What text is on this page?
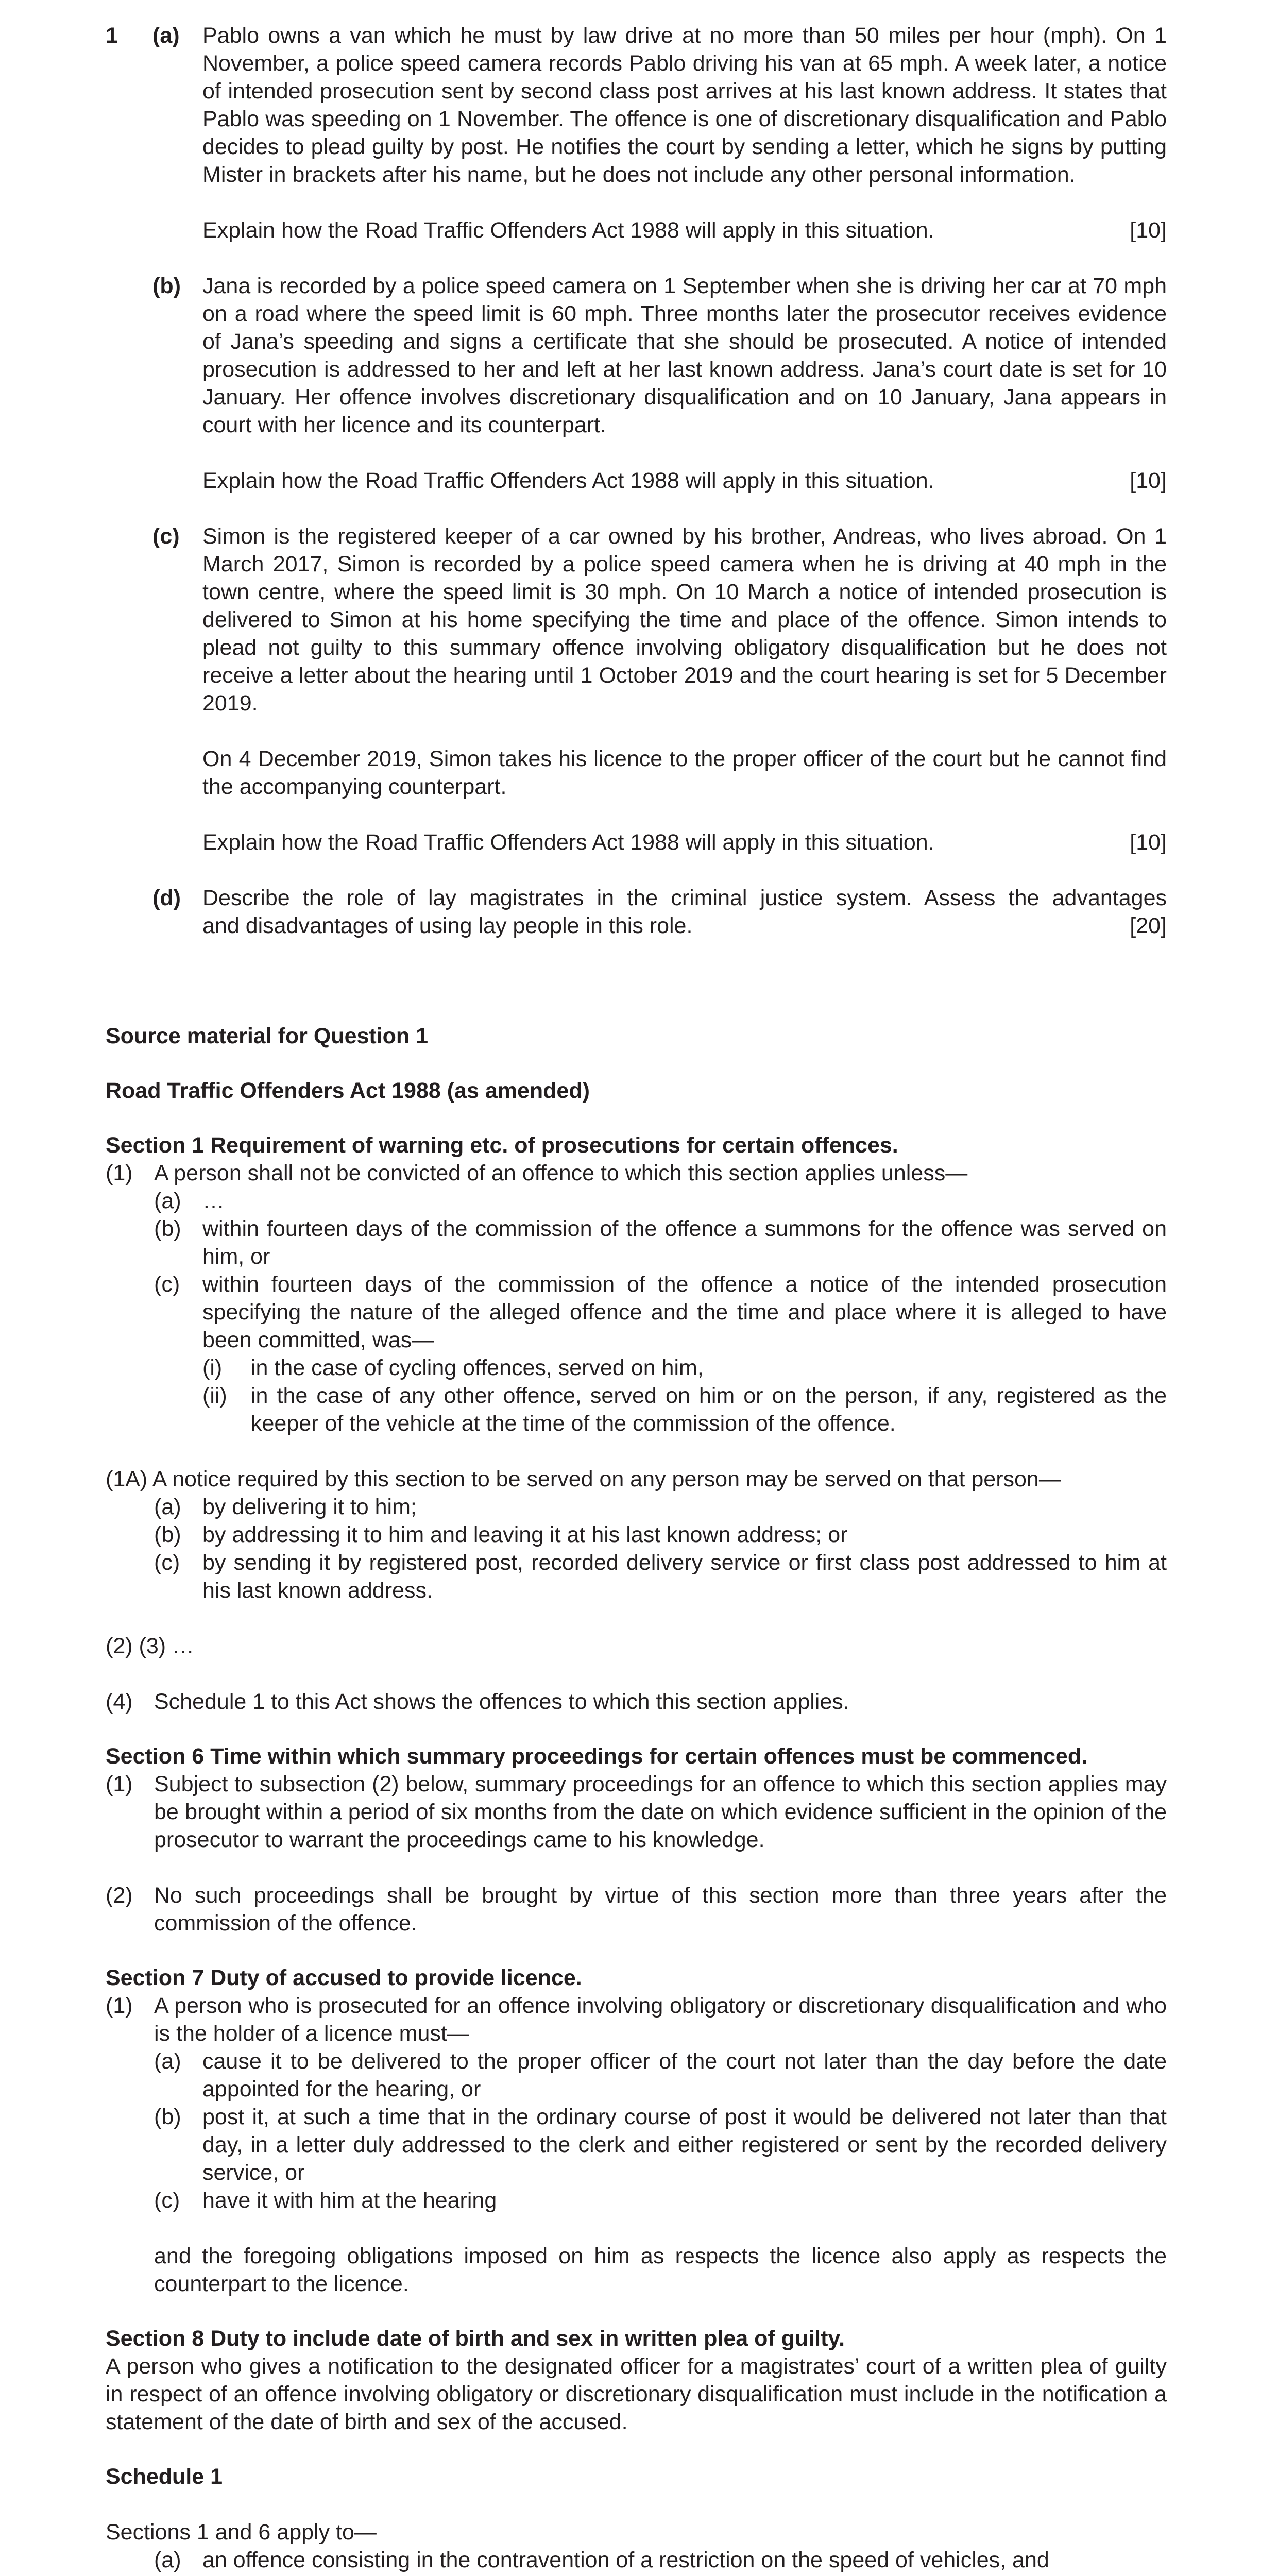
1 (a) Pablo owns a van which he must by law drive at no more than 50 miles per hour (mph). On 1 November, a police speed camera records Pablo driving his van at 65 mph. A week later, a notice of intended prosecution sent by second class post arrives at his last known address. It states that Pablo was speeding on 1 November. The offence is one of discretionary disqualification and Pablo decides to plead guilty by post. He notifies the court by sending a letter, which he signs by putting Mister in brackets after his name, but he does not include any other personal information.
Explain how the Road Traffic Offenders Act 1988 will apply in this situation.	[10]
(b) Jana is recorded by a police speed camera on 1 September when she is driving her car at 70 mph on a road where the speed limit is 60 mph. Three months later the prosecutor receives evidence of Jana’s speeding and signs a certificate that she should be prosecuted. A notice of intended prosecution is addressed to her and left at her last known address. Jana’s court date is set for 10 January. Her offence involves discretionary disqualification and on 10 January, Jana appears in court with her licence and its counterpart.
Explain how the Road Traffic Offenders Act 1988 will apply in this situation.	[10]
(c) Simon is the registered keeper of a car owned by his brother, Andreas, who lives abroad. On 1 March 2017, Simon is recorded by a police speed camera when he is driving at 40 mph in the town centre, where the speed limit is 30 mph. On 10 March a notice of intended prosecution is delivered to Simon at his home specifying the time and place of the offence. Simon intends to plead not guilty to this summary offence involving obligatory disqualification but he does not receive a letter about the hearing until 1 October 2019 and the court hearing is set for 5 December 2019.
On 4 December 2019, Simon takes his licence to the proper officer of the court but he cannot find the accompanying counterpart.
Explain how the Road Traffic Offenders Act 1988 will apply in this situation.	[10]
(d) Describe the role of lay magistrates in the criminal justice system. Assess the advantages
and disadvantages of using lay people in this role.	[20]
Source material for Question 1
Road Traffic Offenders Act 1988 (as amended)
Section 1 Requirement of warning etc. of prosecutions for certain offences.
(1) A person shall not be convicted of an offence to which this section applies unless—
(a) …
(b) within fourteen days of the commission of the offence a summons for the offence was served on him, or
(c) within fourteen days of the commission of the offence a notice of the intended prosecution specifying the nature of the alleged offence and the time and place where it is alleged to have been committed, was—
(i) in the case of cycling offences, served on him,
(ii) in the case of any other offence, served on him or on the person, if any, registered as the keeper of the vehicle at the time of the commission of the offence.
(1A) A notice required by this section to be served on any person may be served on that person—
(a) by delivering it to him;
(b) by addressing it to him and leaving it at his last known address; or
(c) by sending it by registered post, recorded delivery service or first class post addressed to him at his last known address.
(2) (3) …
(4) Schedule 1 to this Act shows the offences to which this section applies.
Section 6 Time within which summary proceedings for certain offences must be commenced.
(1) Subject to subsection (2) below, summary proceedings for an offence to which this section applies may be brought within a period of six months from the date on which evidence sufficient in the opinion of the prosecutor to warrant the proceedings came to his knowledge.
(2) No such proceedings shall be brought by virtue of this section more than three years after the commission of the offence.
Section 7 Duty of accused to provide licence.
(1) A person who is prosecuted for an offence involving obligatory or discretionary disqualification and who is the holder of a licence must—
(a) cause it to be delivered to the proper officer of the court not later than the day before the date appointed for the hearing, or
(b) post it, at such a time that in the ordinary course of post it would be delivered not later than that day, in a letter duly addressed to the clerk and either registered or sent by the recorded delivery service, or
(c) have it with him at the hearing
and the foregoing obligations imposed on him as respects the licence also apply as respects the counterpart to the licence.
Section 8 Duty to include date of birth and sex in written plea of guilty.
A person who gives a notification to the designated officer for a magistrates’ court of a written plea of guilty in respect of an offence involving obligatory or discretionary disqualification must include in the notification a statement of the date of birth and sex of the accused.
Schedule 1
Sections 1 and 6 apply to—
(a) an offence consisting in the contravention of a restriction on the speed of vehicles, and
